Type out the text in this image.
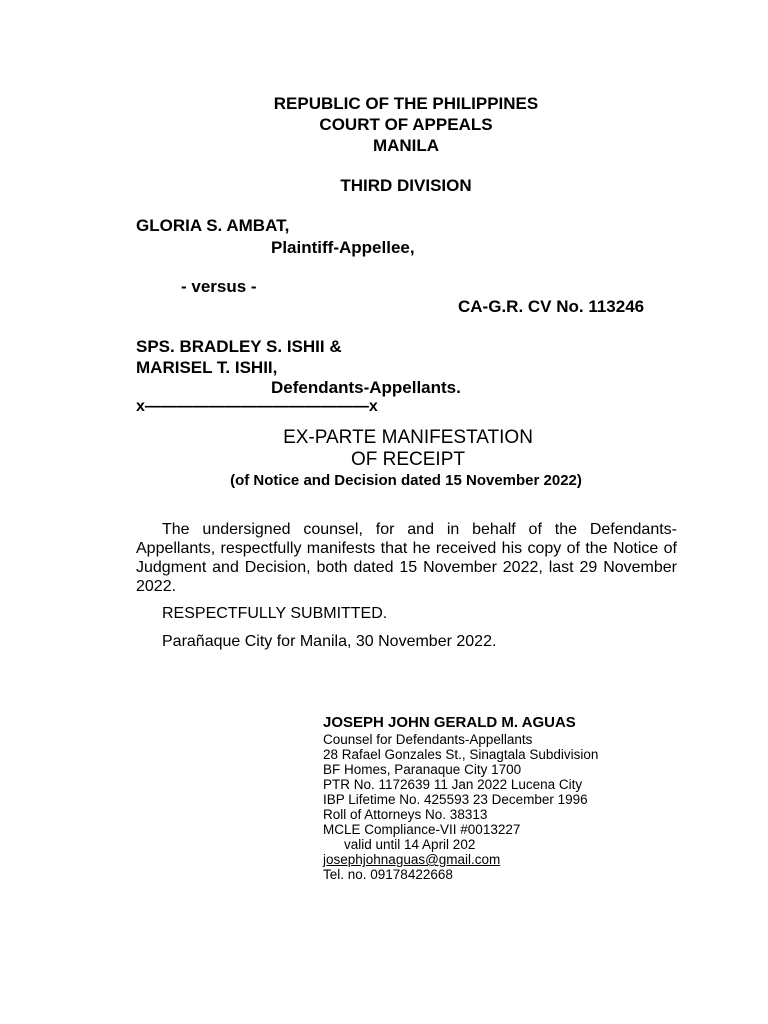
REPUBLIC OF THE PHILIPPINES
COURT OF APPEALS
MANILA
THIRD DIVISION
GLORIA S. AMBAT,
Plaintiff-Appellee,
- versus -
CA-G.R. CV No. 113246
SPS. BRADLEY S. ISHII &
MARISEL T. ISHII,
Defendants-Appellants.
x——————————————x
EX-PARTE MANIFESTATION
OF RECEIPT
(of Notice and Decision dated 15 November 2022)
The undersigned counsel, for and in behalf of the Defendants-Appellants, respectfully manifests that he received his copy of the Notice of Judgment and Decision, both dated 15 November 2022, last 29 November 2022.
RESPECTFULLY SUBMITTED.
Parañaque City for Manila, 30 November 2022.
JOSEPH JOHN GERALD M. AGUAS
Counsel for Defendants-Appellants
28 Rafael Gonzales St., Sinagtala Subdivision
BF Homes, Paranaque City 1700
PTR No. 1172639 11 Jan 2022 Lucena City
IBP Lifetime No. 425593 23 December 1996
Roll of Attorneys No. 38313
MCLE Compliance-VII #0013227
valid until 14 April 202
josephjohnaguas@gmail.com
Tel. no. 09178422668
